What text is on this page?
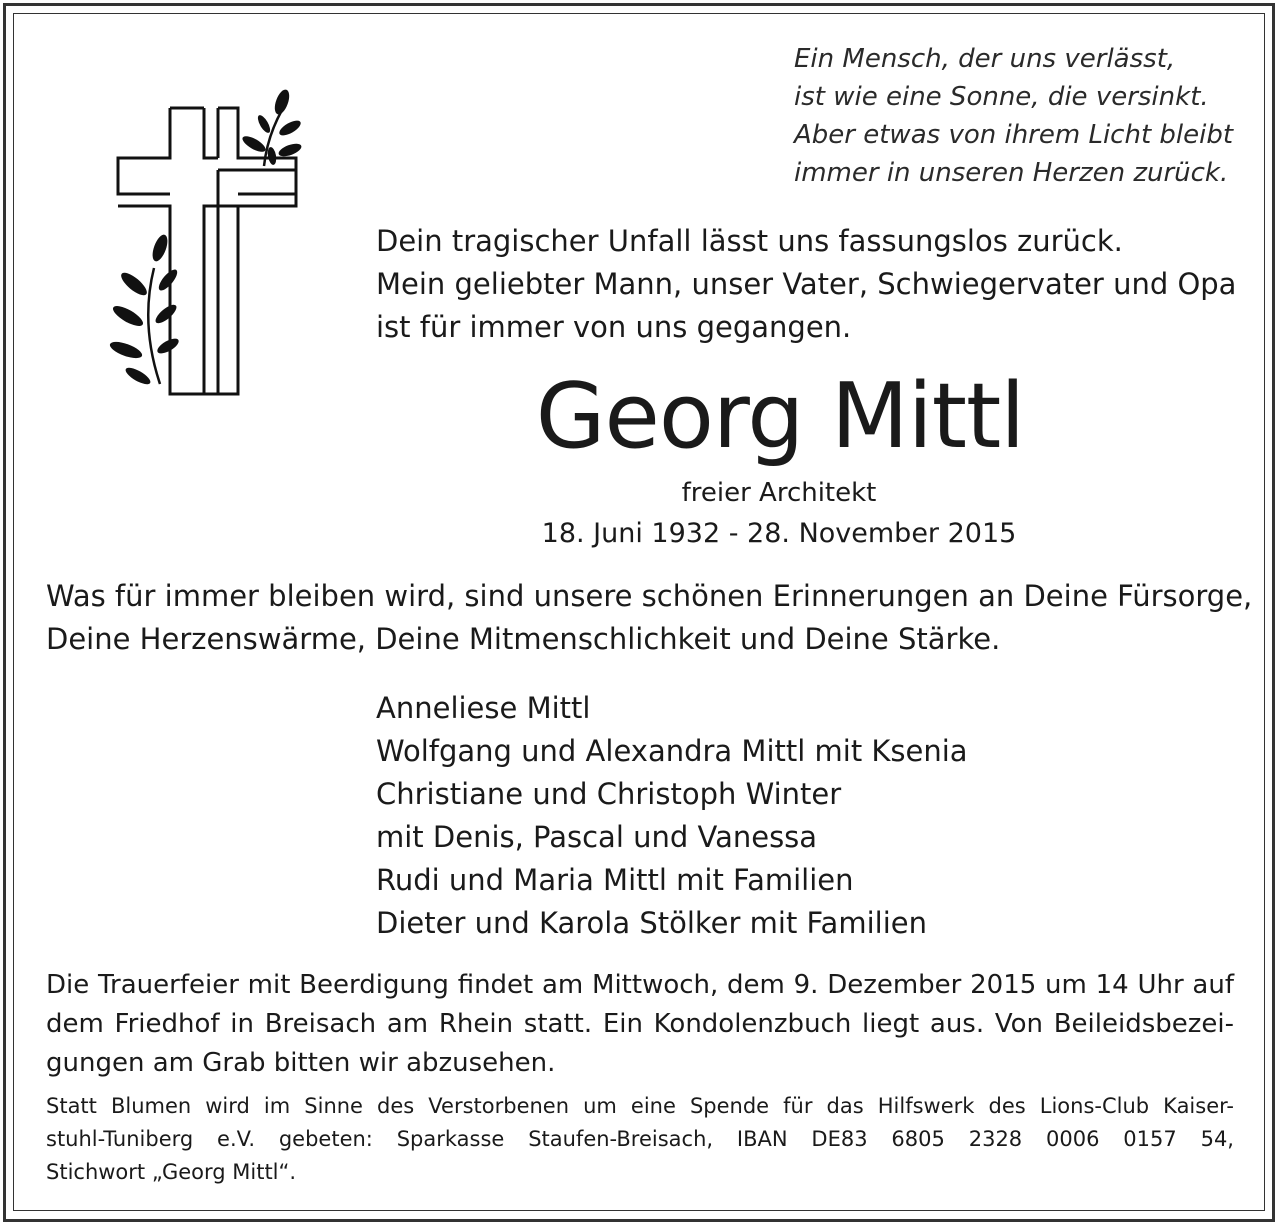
Ein Mensch, der uns verlässt,
ist wie eine Sonne, die versinkt.
Aber etwas von ihrem Licht bleibt
immer in unseren Herzen zurück.
Dein tragischer Unfall lässt uns fassungslos zurück.
Mein geliebter Mann, unser Vater, Schwiegervater und Opa
ist für immer von uns gegangen.
Georg Mittl
freier Architekt
18. Juni 1932 - 28. November 2015
Was für immer bleiben wird, sind unsere schönen Erinnerungen an Deine Fürsorge,
Deine Herzenswärme, Deine Mitmenschlichkeit und Deine Stärke.
Anneliese Mittl
Wolfgang und Alexandra Mittl mit Ksenia
Christiane und Christoph Winter
mit Denis, Pascal und Vanessa
Rudi und Maria Mittl mit Familien
Dieter und Karola Stölker mit Familien
Die Trauerfeier mit Beerdigung findet am Mittwoch, dem 9. Dezember 2015 um 14 Uhr auf
dem Friedhof in Breisach am Rhein statt. Ein Kondolenzbuch liegt aus. Von Beileidsbezei-
gungen am Grab bitten wir abzusehen.
Statt Blumen wird im Sinne des Verstorbenen um eine Spende für das Hilfswerk des Lions-Club Kaiser-
stuhl-Tuniberg e.V. gebeten: Sparkasse Staufen-Breisach, IBAN DE83 6805 2328 0006 0157 54,
Stichwort „Georg Mittl“.
